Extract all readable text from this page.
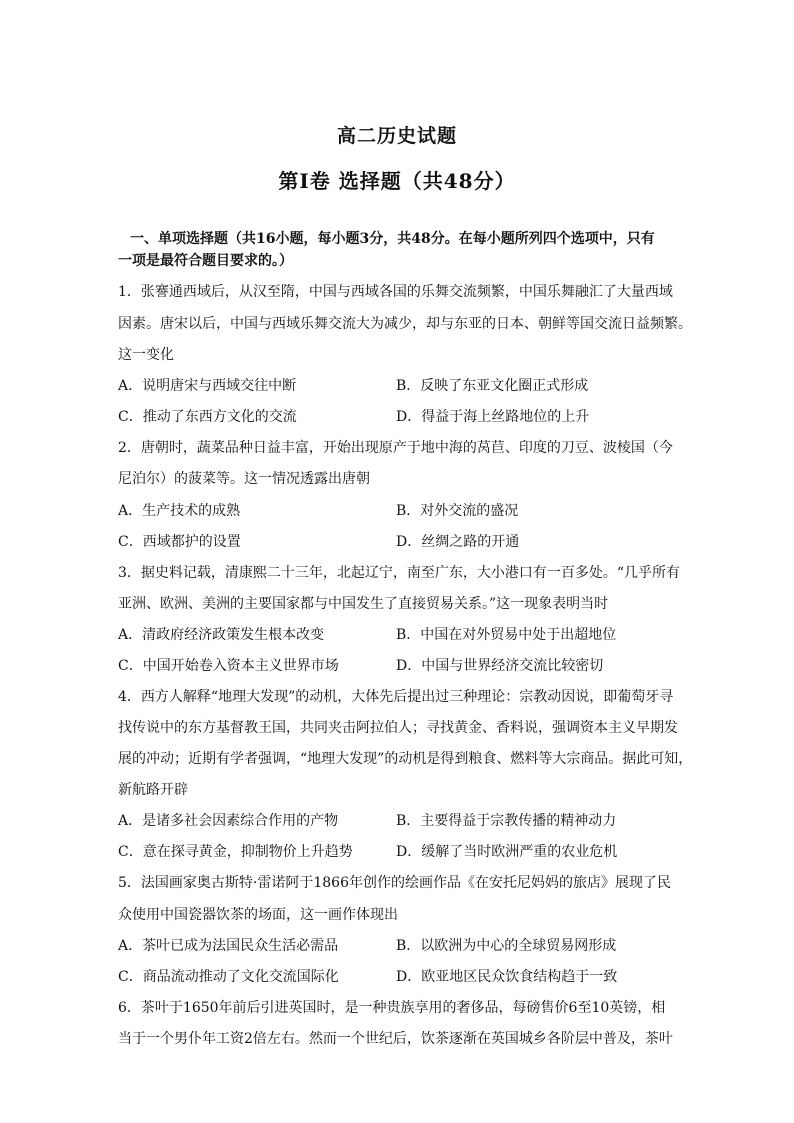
高二历史试题
第Ⅰ卷 选择题（共48分）
一、单项选择题（共16小题，每小题3分，共48分。在每小题所列四个选项中，只有
一项是最符合题目要求的。）
1．张謇通西域后，从汉至隋，中国与西域各国的乐舞交流频繁，中国乐舞融汇了大量西域
因素。唐宋以后，中国与西域乐舞交流大为减少，却与东亚的日本、朝鲜等国交流日益频繁。
这一变化
A．说明唐宋与西域交往中断	B．反映了东亚文化圈正式形成
C．推动了东西方文化的交流	D．得益于海上丝路地位的上升
2．唐朝时，蔬菜品种日益丰富，开始出现原产于地中海的莴苣、印度的刀豆、波棱国（今
尼泊尔）的菠菜等。这一情况透露出唐朝
A．生产技术的成熟	B．对外交流的盛况
C．西域都护的设置	D．丝绸之路的开通
3．据史料记载，清康熙二十三年，北起辽宁，南至广东，大小港口有一百多处。“几乎所有
亚洲、欧洲、美洲的主要国家都与中国发生了直接贸易关系。”这一现象表明当时
A．清政府经济政策发生根本改变	B．中国在对外贸易中处于出超地位
C．中国开始卷入资本主义世界市场	D．中国与世界经济交流比较密切
4．西方人解释“地理大发现”的动机，大体先后提出过三种理论：宗教动因说，即葡萄牙寻
找传说中的东方基督教王国，共同夹击阿拉伯人；寻找黄金、香料说，强调资本主义早期发
展的冲动；近期有学者强调，“地理大发现”的动机是得到粮食、燃料等大宗商品。据此可知，
新航路开辟
A．是诸多社会因素综合作用的产物	B．主要得益于宗教传播的精神动力
C．意在探寻黄金，抑制物价上升趋势	D．缓解了当时欧洲严重的农业危机
5．法国画家奥古斯特·雷诺阿于1866年创作的绘画作品《在安托尼妈妈的旅店》展现了民
众使用中国瓷器饮茶的场面，这一画作体现出
A．茶叶已成为法国民众生活必需品	B．以欧洲为中心的全球贸易网形成
C．商品流动推动了文化交流国际化	D．欧亚地区民众饮食结构趋于一致
6．茶叶于1650年前后引进英国时，是一种贵族享用的奢侈品，每磅售价6至10英镑，相
当于一个男仆年工资2倍左右。然而一个世纪后，饮茶逐渐在英国城乡各阶层中普及，茶叶
